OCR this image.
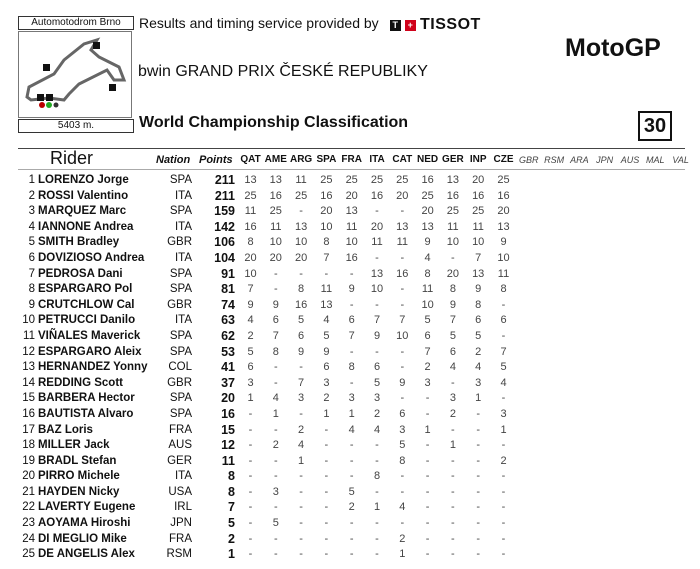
Automotodrom Brno
5403 m.
Results and timing service provided by T + TISSOT
MotoGP
bwin GRAND PRIX ČESKÉ REPUBLIKY
World Championship Classification	30
Rider	Nation Points QAT AME ARG SPA FRA ITA CAT NED GER INP CZE GBR RSM ARA JPN AUS MAL VAL
1 LORENZO Jorge	SPA 211 13	13	11	25	25	25	25	16	13	20	25
2 ROSSI Valentino	ITA 211 25	16	25	16	20	16	20	25	16	16	16
3 MARQUEZ Marc	SPA 159 11	25	-	20	13	-	-	20	25	25	20
4 IANNONE Andrea	ITA 142 16	11	13	10	11	20	13	13	11	11	13
5 SMITH Bradley	GBR 106	8	10	10	8	10	11	11	9	10	10	9
6 DOVIZIOSO Andrea	ITA 104 20	20	20	7	16	-	-	4	-	7	10
7 PEDROSA Dani	SPA 91 10	-	-	-	-	13	16	8	20	13	11
8 ESPARGARO Pol	SPA 81	7	-	8	11	9	10	-	11	8	9	8
9 CRUTCHLOW Cal	GBR 74	9	9	16	13	-	-	-	10	9	8	-
10 PETRUCCI Danilo	ITA 63	4	6	5	4	6	7	7	5	7	6	6
11 VIÑALES Maverick	SPA 62	2	7	6	5	7	9	10	6	5	5	-
12 ESPARGARO Aleix SPA 53	5	8	9	9	-	-	-	7	6	2	7
13 HERNANDEZ Yonny COL 41	6	-	-	6	8	6	-	2	4	4	5
14 REDDING Scott	GBR 37	3	-	7	3	-	5	9	3	-	3	4
15 BARBERA Hector	SPA 20	1	4	3	2	3	3	-	-	3	1	-
16 BAUTISTA Alvaro	SPA 16	-	1	-	1	1	2	6	-	2	-	3
17 BAZ Loris	FRA 15	-	-	2	-	4	4	3	1	-	-	1
18 MILLER Jack	AUS 12	-	2	4	-	-	-	5	-	1	-	-
19 BRADL Stefan	GER 11	-	-	1	-	-	-	8	-	-	-	2
20 PIRRO Michele	ITA	8	-	-	-	-	-	8	-	-	-	-	-
21 HAYDEN Nicky	USA	8	-	3	-	-	5	-	-	-	-	-	-
22 LAVERTY Eugene	IRL	7	-	-	-	-	2	1	4	-	-	-	-
23 AOYAMA Hiroshi	JPN	5	-	5	-	-	-	-	-	-	-	-	-
24 DI MEGLIO Mike	FRA	2	-	-	-	-	-	-	2	-	-	-	-
25 DE ANGELIS Alex	RSM	1	-	-	-	-	-	-	1	-	-	-	-
